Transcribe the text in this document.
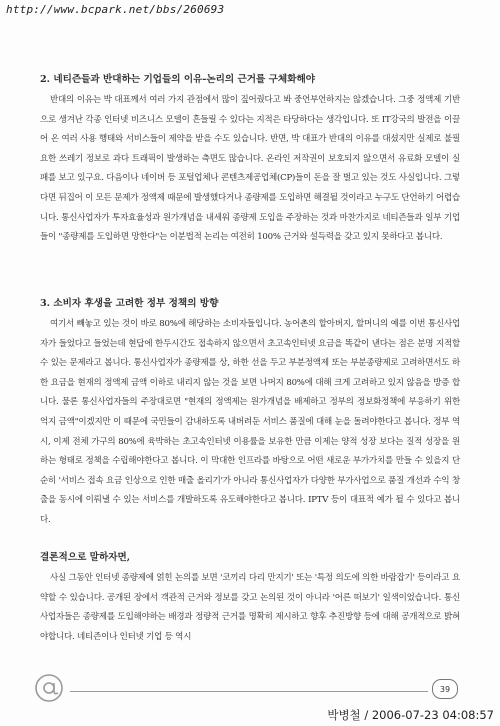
http://www.bcpark.net/bbs/260693

2. 네티즌들과 반대하는 기업들의 이유-논리의 근거를 구체화해야

반대의 이유는 박 대표께서 여러 가지 관점에서 많이 짚어줬다고 봐 중언부언하지는 않겠습니다. 그중 정액제 기반으로 생겨난 각종 인터넷 비즈니스 모델이 흔들릴 수 있다는 지적은 타당하다는 생각입니다. 또 IT강국의 발전을 이끌어 온 여러 사용 행태와 서비스들이 제약을 받을 수도 있습니다. 반면, 박 대표가 반대의 이유를 대셨지만 실제로 불필요한 쓰레기 정보로 과다 트래픽이 발생하는 측면도 많습니다. 온라인 저작권이 보호되지 않으면서 유료화 모델이 실패를 보고 있구요. 다음이나 네이버 등 포털업체나 콘텐츠제공업체(CP)들이 돈을 잘 벌고 있는 것도 사실입니다. 그렇다면 뒤집어 이 모든 문제가 정액제 때문에 발생했다거나 종량제를 도입하면 해결될 것이라고 누구도 단언하기 어렵습니다. 통신사업자가 투자효율성과 원가개념을 내세워 종량제 도입을 주장하는 것과 마찬가지로 네티즌들과 일부 기업들이 "종량제를 도입하면 망한다"는 이분법적 논리는 여전히 100% 근거와 설득력을 갖고 있지 못하다고 봅니다.

3. 소비자 후생을 고려한 정부 정책의 방향

여기서 빼놓고 있는 것이 바로 80%에 해당하는 소비자들입니다. 농어촌의 할아버지, 할머니의 예를 이번 통신사업자가 들었다고 들었는데 현답에 한두시간도 접속하지 않으면서 초고속인터넷 요금을 똑같이 낸다는 점은 분명 지적할 수 있는 문제라고 봅니다. 통신사업자가 종량제를 상, 하한 선을 두고 부분정액제 또는 부분종량제로 고려하면서도 하한 요금을 현재의 정액제 금액 이하로 내리지 않는 것을 보면 나머지 80%에 대해 크게 고려하고 있지 않음을 방증 합니다. 물론 통신사업자들의 주장대로면 "현재의 정액제는 원가개념을 배제하고 정부의 정보화정책에 부응하기 위한 억지 금액"이겠지만 이 때문에 국민들이 감내하도록 내버려둔 서비스 품질에 대해 눈을 돌려야한다고 봅니다. 정부 역시, 이제 전체 가구의 80%에 육박하는 초고속인터넷 이용률을 보유한 만큼 이제는 양적 성장 보다는 질적 성장을 원하는 형태로 정책을 수립해야한다고 봅니다. 이 막대한 인프라를 바탕으로 어떤 새로운 부가가치를 만들 수 있을지 단순히 '서비스 접속 요금 인상으로 인한 매출 올리기'가 아니라 통신사업자가 다양한 부가사업으로 품질 개선과 수익 창출을 동시에 이뤄낼 수 있는 서비스를 개발하도록 유도해야한다고 봅니다. IPTV 등이 대표적 예가 될 수 있다고 봅니다.

결론적으로 말하자면,

사실 그동안 인터넷 종량제에 얽힌 논의를 보면 '코끼리 다리 만지기' 또는 '특정 의도에 의한 바람잡기' 등이라고 요약할 수 있습니다. 공개된 장에서 객관적 근거와 정보를 갖고 논의된 것이 아니라 '어른 떠보기' 일색이었습니다. 통신사업자들은 종량제를 도입해야하는 배경과 정량적 근거를 명확히 제시하고 향후 추진방향 등에 대해 공개적으로 밝혀야합니다. 네티즌이나 인터넷 기업 등 역시

39
박병철 / 2006-07-23 04:08:57
